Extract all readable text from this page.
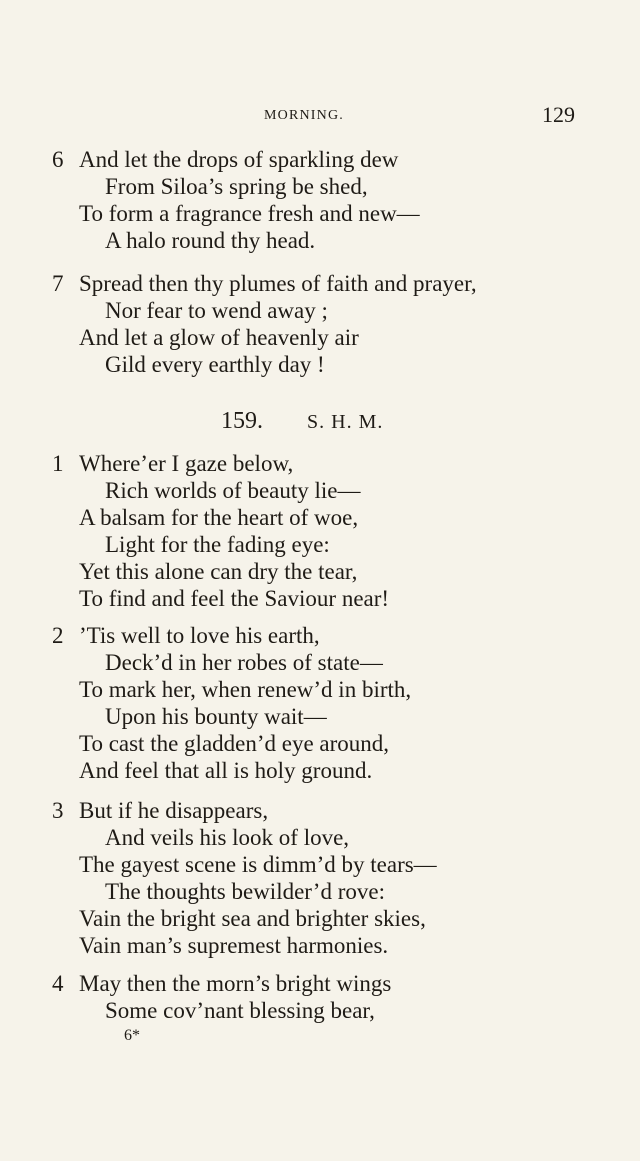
MORNING.	129
6 And let the drops of sparkling dew
From Siloa’s spring be shed,
To form a fragrance fresh and new—
A halo round thy head.
7 Spread then thy plumes of faith and prayer,
Nor fear to wend away ;
And let a glow of heavenly air
Gild every earthly day !
159. S. H. M.
1 Where’er I gaze below,
Rich worlds of beauty lie—
A balsam for the heart of woe,
Light for the fading eye:
Yet this alone can dry the tear,
To find and feel the Saviour near!
2 ’Tis well to love his earth,
Deck’d in her robes of state—
To mark her, when renew’d in birth,
Upon his bounty wait—
To cast the gladden’d eye around,
And feel that all is holy ground.
3 But if he disappears,
And veils his look of love,
The gayest scene is dimm’d by tears—
The thoughts bewilder’d rove:
Vain the bright sea and brighter skies,
Vain man’s supremest harmonies.
4 May then the morn’s bright wings
Some cov’nant blessing bear,
6*
